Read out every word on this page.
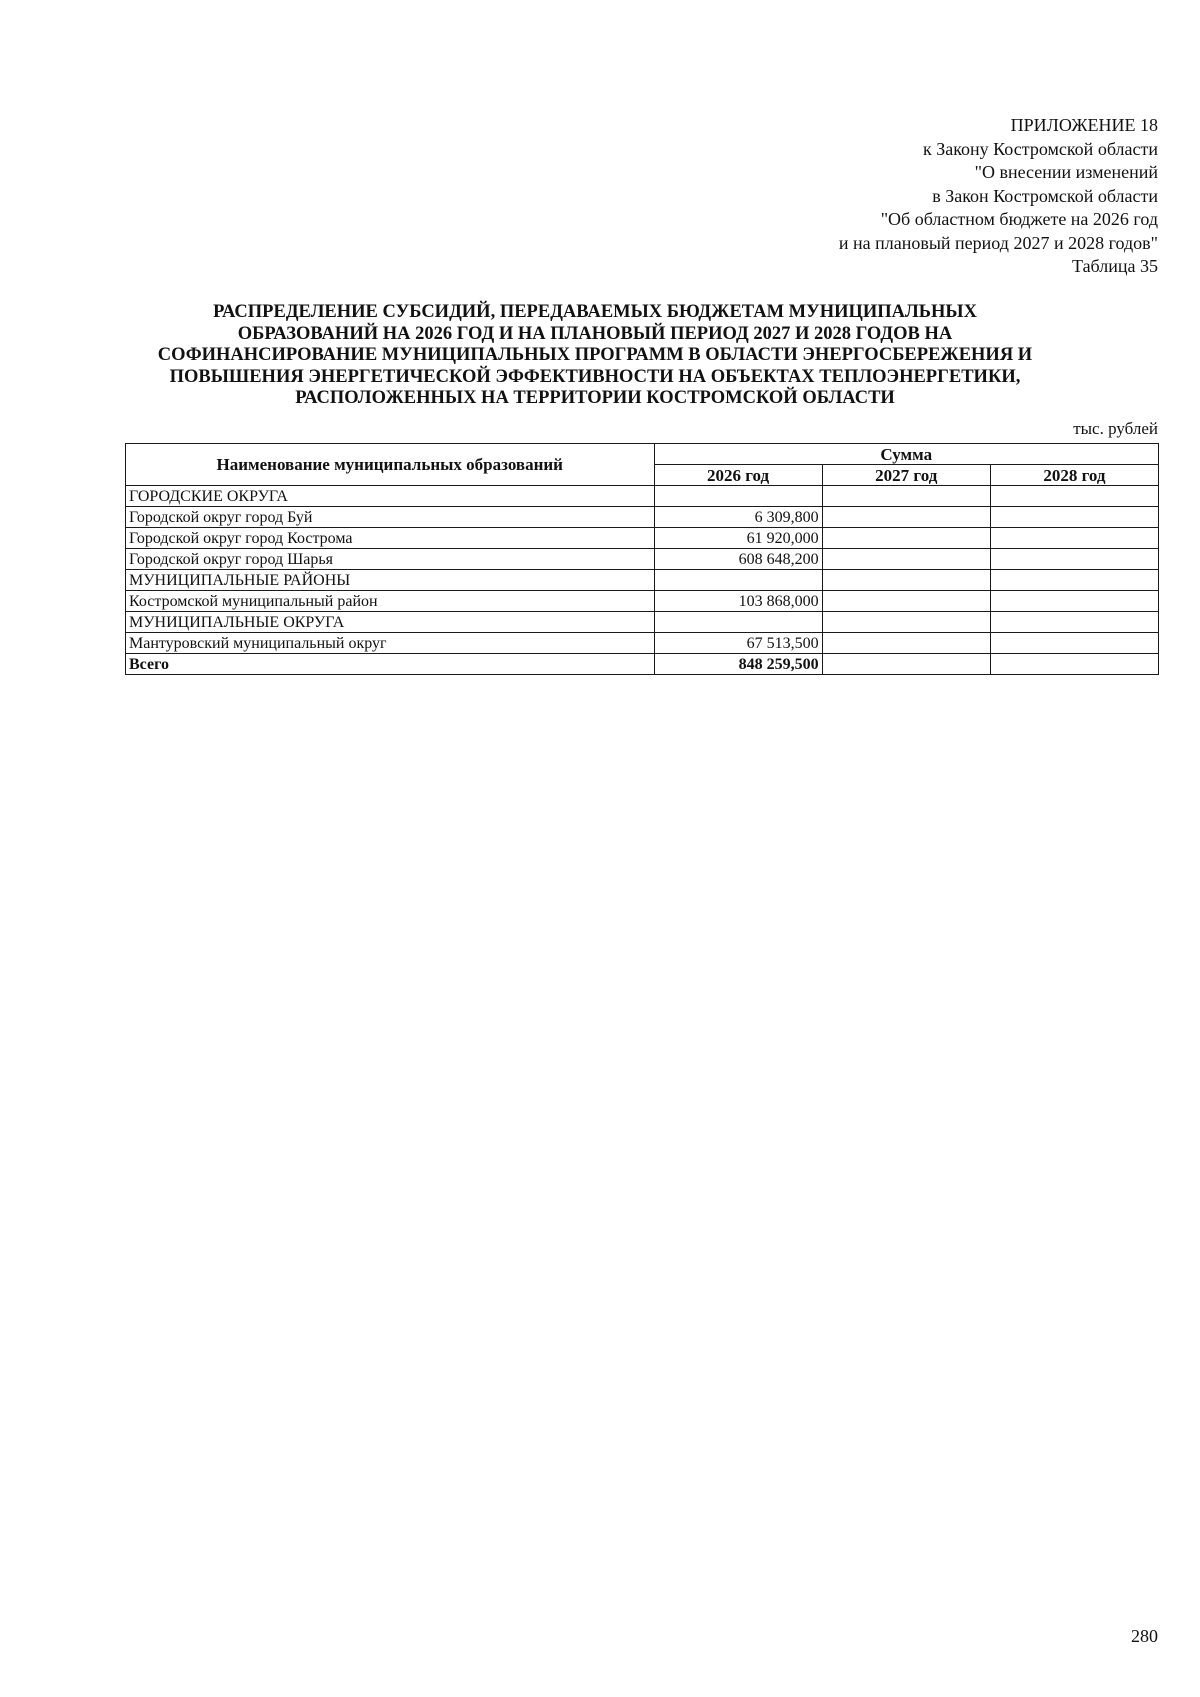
ПРИЛОЖЕНИЕ 18
к Закону Костромской области
"О внесении изменений
в Закон Костромской области
"Об областном бюджете на 2026 год
и на плановый период 2027 и 2028 годов"
Таблица 35
РАСПРЕДЕЛЕНИЕ СУБСИДИЙ, ПЕРЕДАВАЕМЫХ БЮДЖЕТАМ МУНИЦИПАЛЬНЫХ
ОБРАЗОВАНИЙ НА 2026 ГОД И НА ПЛАНОВЫЙ ПЕРИОД 2027 И 2028 ГОДОВ НА
СОФИНАНСИРОВАНИЕ МУНИЦИПАЛЬНЫХ ПРОГРАММ В ОБЛАСТИ ЭНЕРГОСБЕРЕЖЕНИЯ И
ПОВЫШЕНИЯ ЭНЕРГЕТИЧЕСКОЙ ЭФФЕКТИВНОСТИ НА ОБЪЕКТАХ ТЕПЛОЭНЕРГЕТИКИ,
РАСПОЛОЖЕННЫХ НА ТЕРРИТОРИИ КОСТРОМСКОЙ ОБЛАСТИ
тыс. рублей
Наименование муниципальных образований	Сумма		
	2026 год	2027 год	2028 год
ГОРОДСКИЕ ОКРУГА			
Городской округ город Буй	6 309,800		
Городской округ город Кострома	61 920,000		
Городской округ город Шарья	608 648,200		
МУНИЦИПАЛЬНЫЕ РАЙОНЫ			
Костромской муниципальный район	103 868,000		
МУНИЦИПАЛЬНЫЕ ОКРУГА			
Мантуровский муниципальный округ	67 513,500		
Всего	848 259,500		
280
